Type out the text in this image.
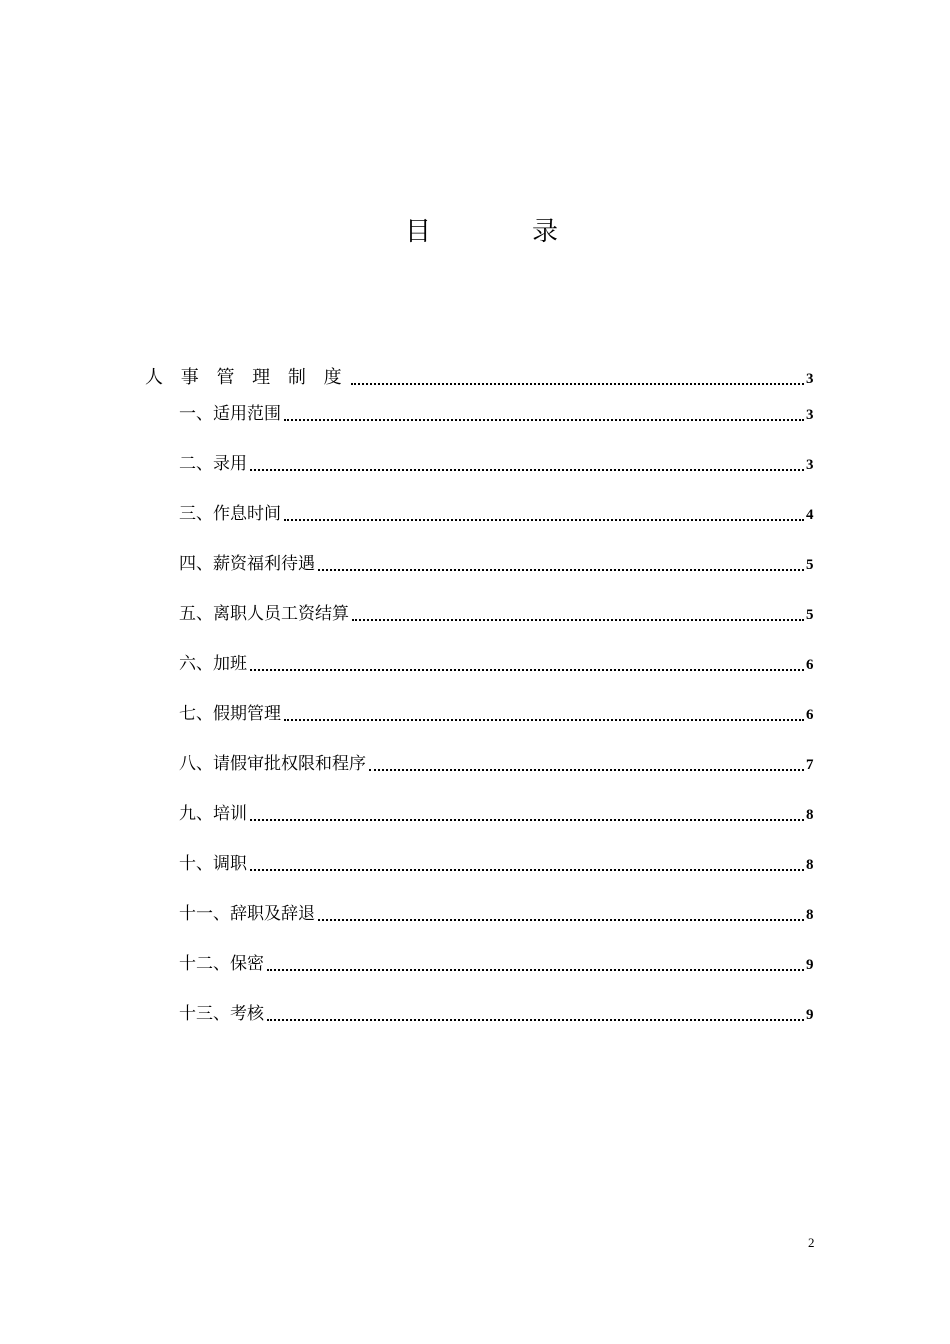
目	录
人 事 管 理 制 度	3
一、适用范围	3
二、录用	3
三、作息时间	4
四、薪资福利待遇	5
五、离职人员工资结算	5
六、加班	6
七、假期管理	6
八、请假审批权限和程序	7
九、培训	8
十、调职	8
十一、辞职及辞退	8
十二、保密	9
十三、考核	9
2
